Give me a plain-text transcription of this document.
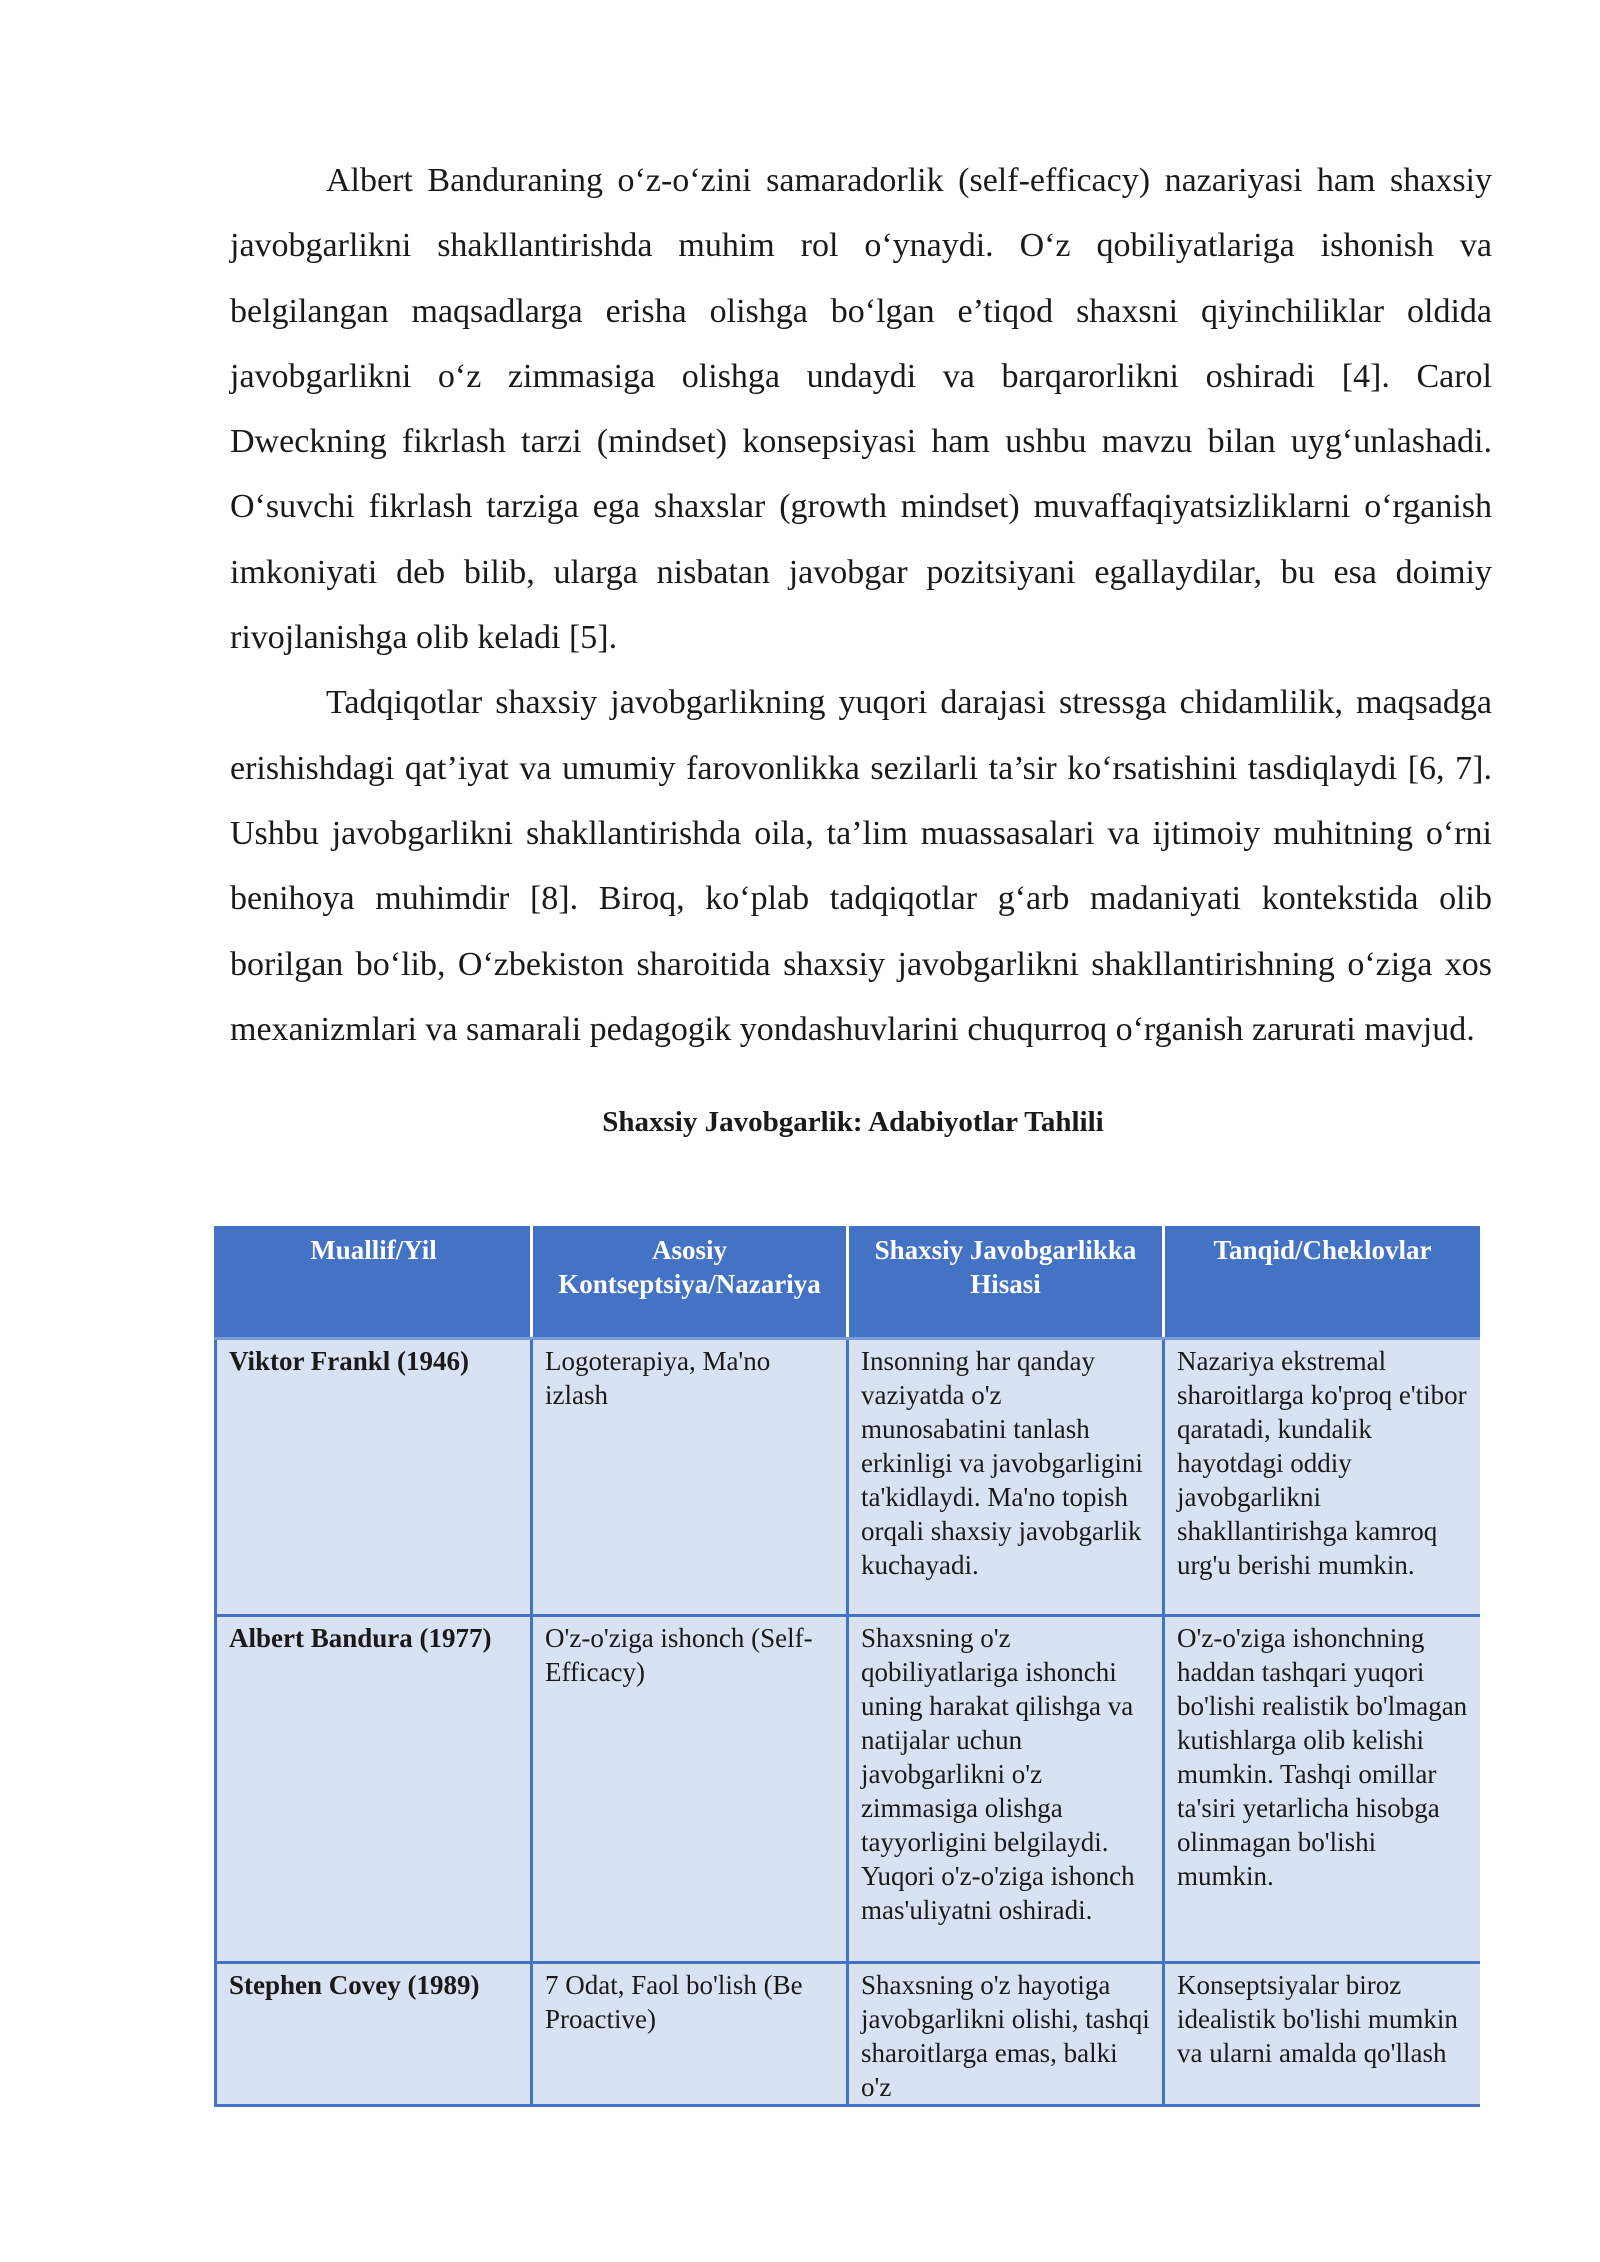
Albert Banduraning o‘z-o‘zini samaradorlik (self-efficacy) nazariyasi ham shaxsiy javobgarlikni shakllantirishda muhim rol o‘ynaydi. O‘z qobiliyatlariga ishonish va belgilangan maqsadlarga erisha olishga bo‘lgan e’tiqod shaxsni qiyinchiliklar oldida javobgarlikni o‘z zimmasiga olishga undaydi va barqarorlikni oshiradi [4]. Carol Dweckning fikrlash tarzi (mindset) konsepsiyasi ham ushbu mavzu bilan uyg‘unlashadi. O‘suvchi fikrlash tarziga ega shaxslar (growth mindset) muvaffaqiyatsizliklarni o‘rganish imkoniyati deb bilib, ularga nisbatan javobgar pozitsiyani egallaydilar, bu esa doimiy rivojlanishga olib keladi [5].

Tadqiqotlar shaxsiy javobgarlikning yuqori darajasi stressga chidamlilik, maqsadga erishishdagi qat’iyat va umumiy farovonlikka sezilarli ta’sir ko‘rsatishini tasdiqlaydi [6, 7]. Ushbu javobgarlikni shakllantirishda oila, ta’lim muassasalari va ijtimoiy muhitning o‘rni benihoya muhimdir [8]. Biroq, ko‘plab tadqiqotlar g‘arb madaniyati kontekstida olib borilgan bo‘lib, O‘zbekiston sharoitida shaxsiy javobgarlikni shakllantirishning o‘ziga xos mexanizmlari va samarali pedagogik yondashuvlarini chuqurroq o‘rganish zarurati mavjud.

Shaxsiy Javobgarlik: Adabiyotlar Tahlili
Muallif/Yil	Asosiy Kontseptsiya/Nazariya	Shaxsiy Javobgarlikka Hisasi	Tanqid/Cheklovlar
Viktor Frankl (1946)	Logoterapiya, Ma'no izlash	Insonning har qanday vaziyatda o'z munosabatini tanlash erkinligi va javobgarligini ta'kidlaydi. Ma'no topish orqali shaxsiy javobgarlik kuchayadi.	Nazariya ekstremal sharoitlarga ko'proq e'tibor qaratadi, kundalik hayotdagi oddiy javobgarlikni shakllantirishga kamroq urg'u berishi mumkin.
Albert Bandura (1977)	O'z-o'ziga ishonch (Self-Efficacy)	Shaxsning o'z qobiliyatlariga ishonchi uning harakat qilishga va natijalar uchun javobgarlikni o'z zimmasiga olishga tayyorligini belgilaydi. Yuqori o'z-o'ziga ishonch mas'uliyatni oshiradi.	O'z-o'ziga ishonchning haddan tashqari yuqori bo'lishi realistik bo'lmagan kutishlarga olib kelishi mumkin. Tashqi omillar ta'siri yetarlicha hisobga olinmagan bo'lishi mumkin.
Stephen Covey (1989)	7 Odat, Faol bo'lish (Be Proactive)	Shaxsning o'z hayotiga javobgarlikni olishi, tashqi sharoitlarga emas, balki o'z	Konseptsiyalar biroz idealistik bo'lishi mumkin va ularni amalda qo'llash
